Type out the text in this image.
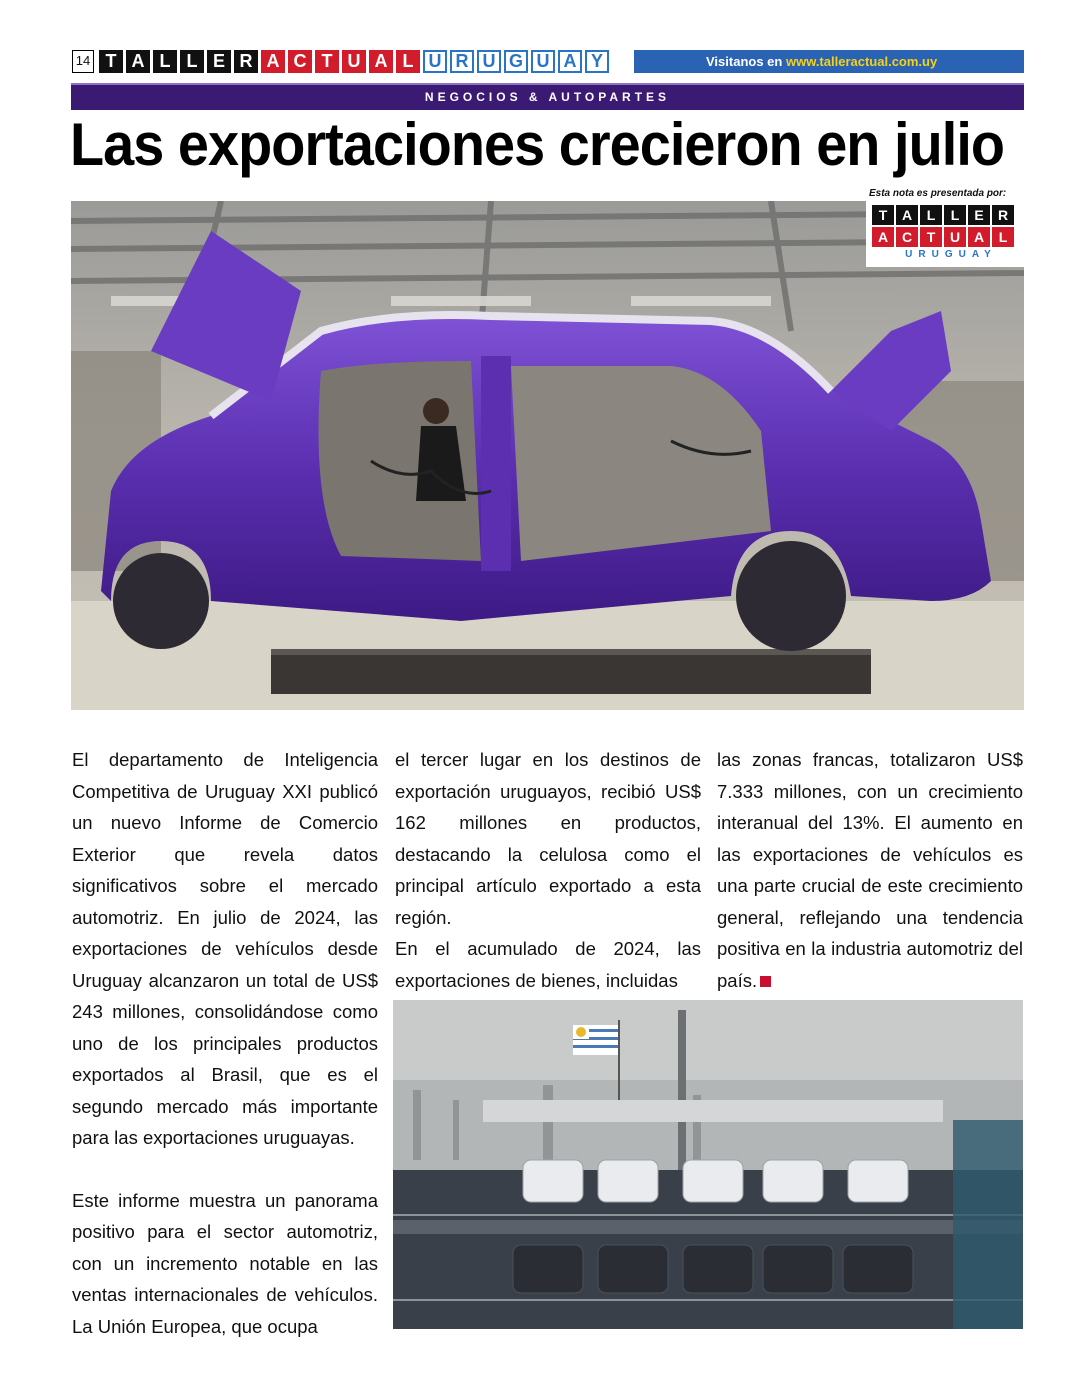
14 T A L L E R A C T U A L U R U G U A Y	Visitanos en www.talleractual.com.uy
NEGOCIOS & AUTOPARTES
Las exportaciones crecieron en julio
Esta nota es presentada por:
T	A	L	L	E	R
A C	T	U A	L
URUGUAY

El departamento de Inteligencia Competitiva de Uruguay XXI publicó un nuevo Informe de Comercio Exterior que revela datos significativos sobre el mercado automotriz. En julio de 2024, las exportaciones de vehículos desde Uruguay alcanzaron un total de US$ 243 millones, consolidándose como uno de los principales productos exportados al Brasil, que es el segundo mercado más importante para las exportaciones uruguayas.

Este informe muestra un panorama positivo para el sector automotriz, con un incremento notable en las ventas internacionales de vehículos. La Unión Europea, que ocupa

el tercer lugar en los destinos de exportación uruguayos, recibió US$ 162 millones en productos, destacando la celulosa como el principal artículo exportado a esta región.

En el acumulado de 2024, las exportaciones de bienes, incluidas

las zonas francas, totalizaron US$ 7.333 millones, con un crecimiento interanual del 13%. El aumento en las exportaciones de vehículos es una parte crucial de este crecimiento general, reflejando una tendencia positiva en la industria automotriz del país.
